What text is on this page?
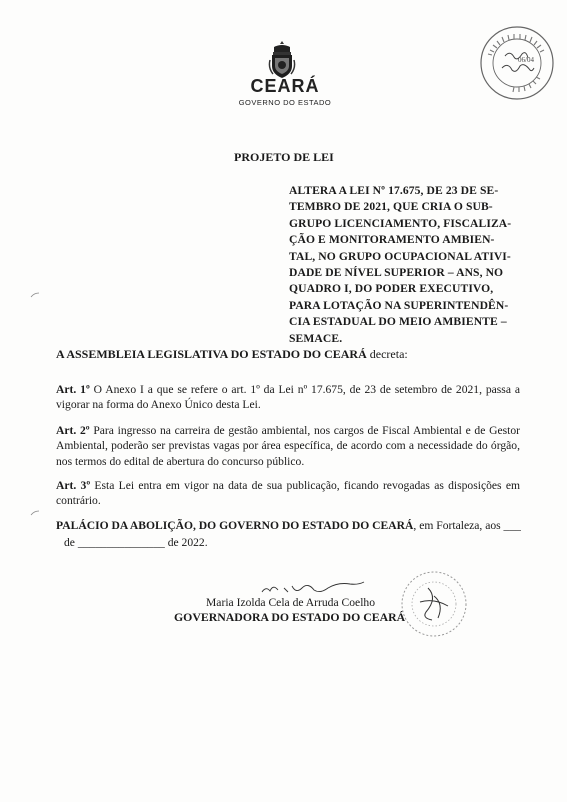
CEARÁ
GOVERNO DO ESTADO
06/04
PROJETO DE LEI
ALTERA A LEI Nº 17.675, DE 23 DE SE-
TEMBRO DE 2021, QUE CRIA O SUB-
GRUPO LICENCIAMENTO, FISCALIZA-
ÇÃO E MONITORAMENTO AMBIEN-
TAL, NO GRUPO OCUPACIONAL ATIVI-
DADE DE NÍVEL SUPERIOR – ANS, NO
QUADRO I, DO PODER EXECUTIVO,
PARA LOTAÇÃO NA SUPERINTENDÊN-
CIA ESTADUAL DO MEIO AMBIENTE –
SEMACE.
A ASSEMBLEIA LEGISLATIVA DO ESTADO DO CEARÁ decreta:
Art. 1º O Anexo I a que se refere o art. 1º da Lei nº 17.675, de 23 de setembro de 2021, passa a vigorar na forma do Anexo Único desta Lei.
Art. 2º Para ingresso na carreira de gestão ambiental, nos cargos de Fiscal Ambiental e de Gestor Ambiental, poderão ser previstas vagas por área específica, de acordo com a necessidade do órgão, nos termos do edital de abertura do concurso público.
Art. 3º Esta Lei entra em vigor na data de sua publicação, ficando revogadas as disposições em contrário.
PALÁCIO DA ABOLIÇÃO, DO GOVERNO DO ESTADO DO CEARÁ, em Fortaleza, aos ___
de _______________ de 2022.
Maria Izolda Cela de Arruda Coelho
GOVERNADORA DO ESTADO DO CEARÁ
